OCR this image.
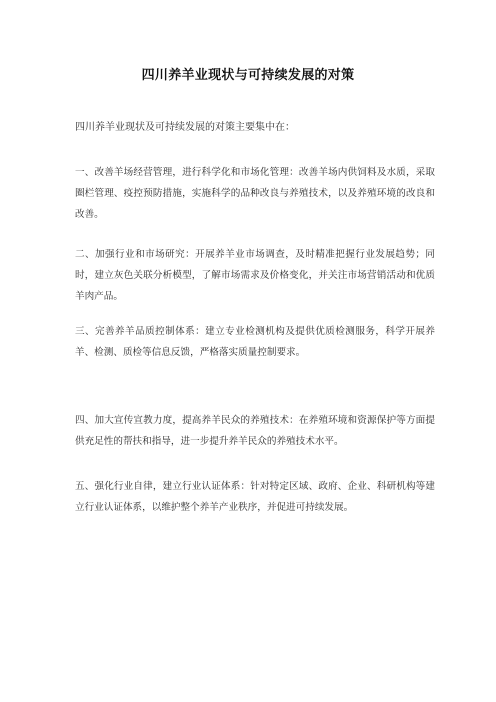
四川养羊业现状与可持续发展的对策
四川养羊业现状及可持续发展的对策主要集中在：
一、改善羊场经营管理，进行科学化和市场化管理：改善羊场内供饲料及水质，采取圈栏管理、疫控预防措施，实施科学的品种改良与养殖技术，以及养殖环境的改良和改善。
二、加强行业和市场研究：开展养羊业市场调查，及时精准把握行业发展趋势；同时，建立灰色关联分析模型，了解市场需求及价格变化，并关注市场营销活动和优质羊肉产品。
三、完善养羊品质控制体系：建立专业检测机构及提供优质检测服务，科学开展养羊、检测、质检等信息反馈，严格落实质量控制要求。
四、加大宣传宣教力度，提高养羊民众的养殖技术：在养殖环境和资源保护等方面提供充足性的帮扶和指导，进一步提升养羊民众的养殖技术水平。
五、强化行业自律，建立行业认证体系：针对特定区域、政府、企业、科研机构等建立行业认证体系，以维护整个养羊产业秩序，并促进可持续发展。
